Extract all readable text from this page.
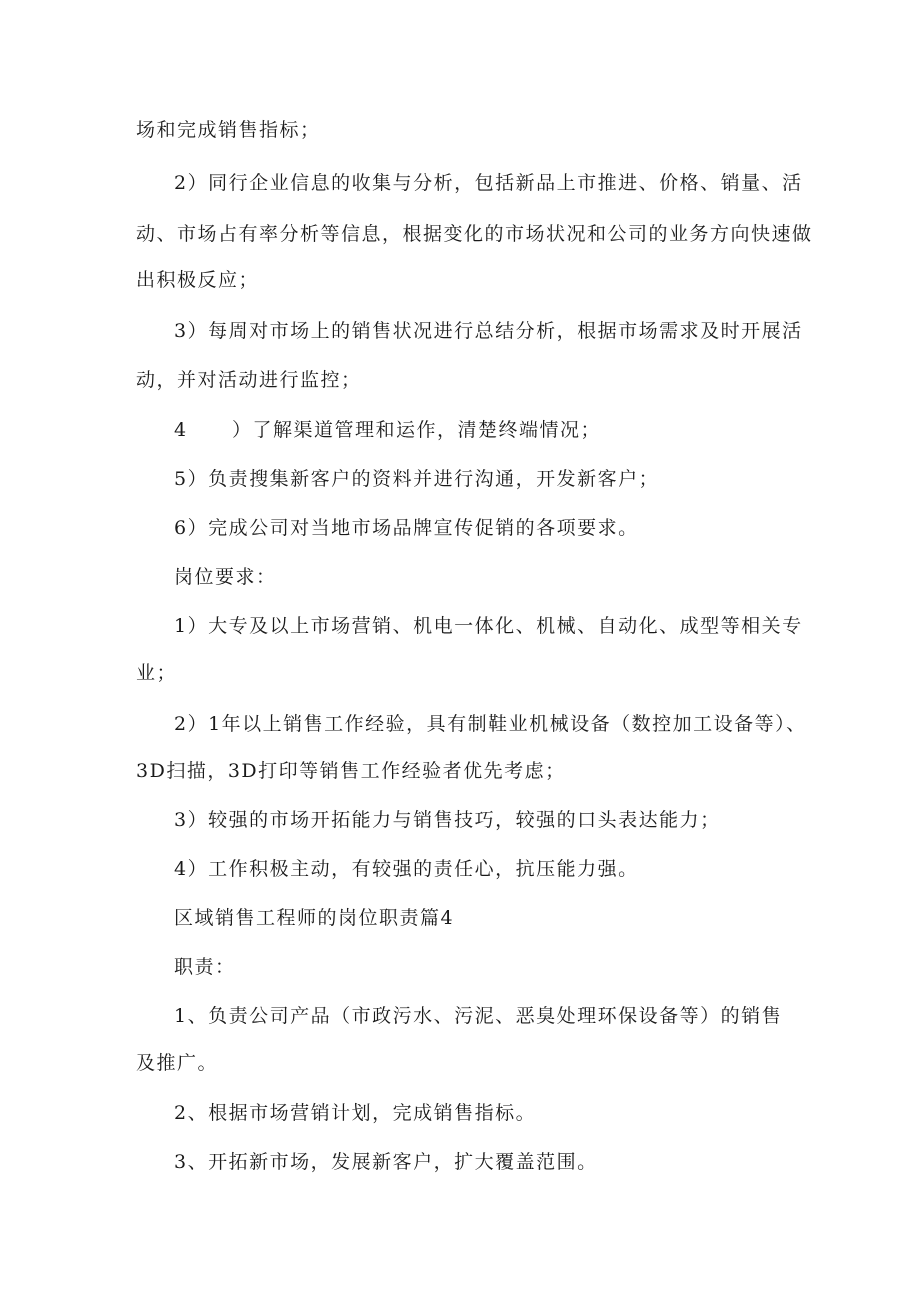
场和完成销售指标；
2）同行企业信息的收集与分析，包括新品上市推进、价格、销量、活
动、市场占有率分析等信息，根据变化的市场状况和公司的业务方向快速做
出积极反应；
3）每周对市场上的销售状况进行总结分析，根据市场需求及时开展活
动，并对活动进行监控；
4 ）了解渠道管理和运作，清楚终端情况；
5）负责搜集新客户的资料并进行沟通，开发新客户；
6）完成公司对当地市场品牌宣传促销的各项要求。
岗位要求：
1）大专及以上市场营销、机电一体化、机械、自动化、成型等相关专
业；
2）1年以上销售工作经验，具有制鞋业机械设备（数控加工设备等）、
3D扫描，3D打印等销售工作经验者优先考虑；
3）较强的市场开拓能力与销售技巧，较强的口头表达能力；
4）工作积极主动，有较强的责任心，抗压能力强。
区域销售工程师的岗位职责篇4
职责：
1、负责公司产品（市政污水、污泥、恶臭处理环保设备等）的销售
及推广。
2、根据市场营销计划，完成销售指标。
3、开拓新市场，发展新客户，扩大覆盖范围。
